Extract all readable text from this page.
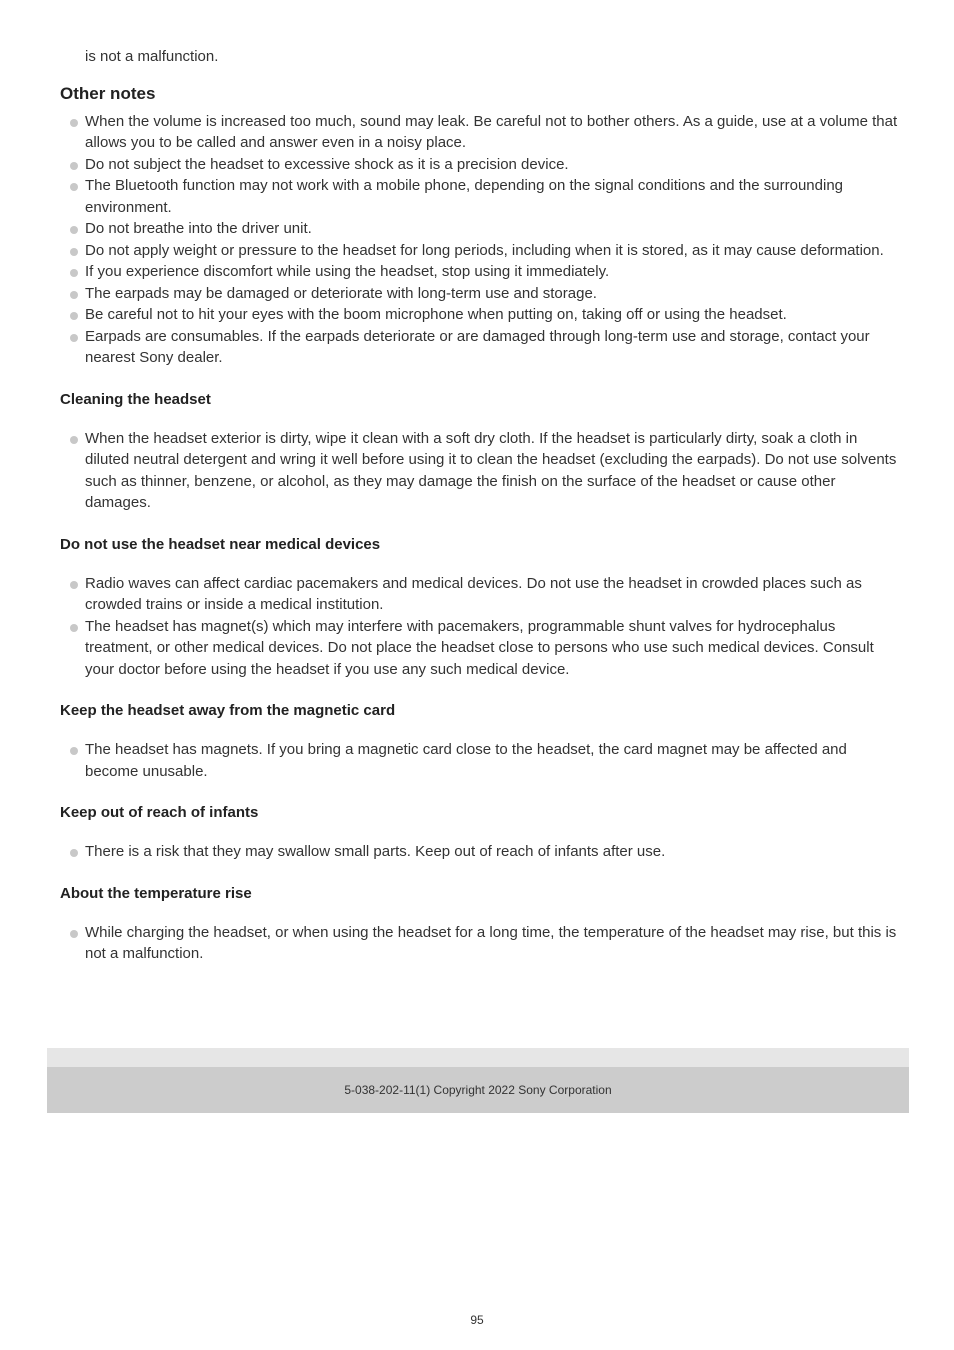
is not a malfunction.

Other notes
When the volume is increased too much, sound may leak. Be careful not to bother others. As a guide, use at a volume that allows you to be called and answer even in a noisy place.
Do not subject the headset to excessive shock as it is a precision device.
The Bluetooth function may not work with a mobile phone, depending on the signal conditions and the surrounding environment.
Do not breathe into the driver unit.
Do not apply weight or pressure to the headset for long periods, including when it is stored, as it may cause deformation.
If you experience discomfort while using the headset, stop using it immediately.
The earpads may be damaged or deteriorate with long-term use and storage.
Be careful not to hit your eyes with the boom microphone when putting on, taking off or using the headset.
Earpads are consumables. If the earpads deteriorate or are damaged through long-term use and storage, contact your nearest Sony dealer.
Cleaning the headset
When the headset exterior is dirty, wipe it clean with a soft dry cloth. If the headset is particularly dirty, soak a cloth in diluted neutral detergent and wring it well before using it to clean the headset (excluding the earpads). Do not use solvents such as thinner, benzene, or alcohol, as they may damage the finish on the surface of the headset or cause other damages.
Do not use the headset near medical devices
Radio waves can affect cardiac pacemakers and medical devices. Do not use the headset in crowded places such as crowded trains or inside a medical institution.
The headset has magnet(s) which may interfere with pacemakers, programmable shunt valves for hydrocephalus treatment, or other medical devices. Do not place the headset close to persons who use such medical devices. Consult your doctor before using the headset if you use any such medical device.
Keep the headset away from the magnetic card
The headset has magnets. If you bring a magnetic card close to the headset, the card magnet may be affected and become unusable.
Keep out of reach of infants
There is a risk that they may swallow small parts. Keep out of reach of infants after use.
About the temperature rise
While charging the headset, or when using the headset for a long time, the temperature of the headset may rise, but this is not a malfunction.
5-038-202-11(1) Copyright 2022 Sony Corporation
95
